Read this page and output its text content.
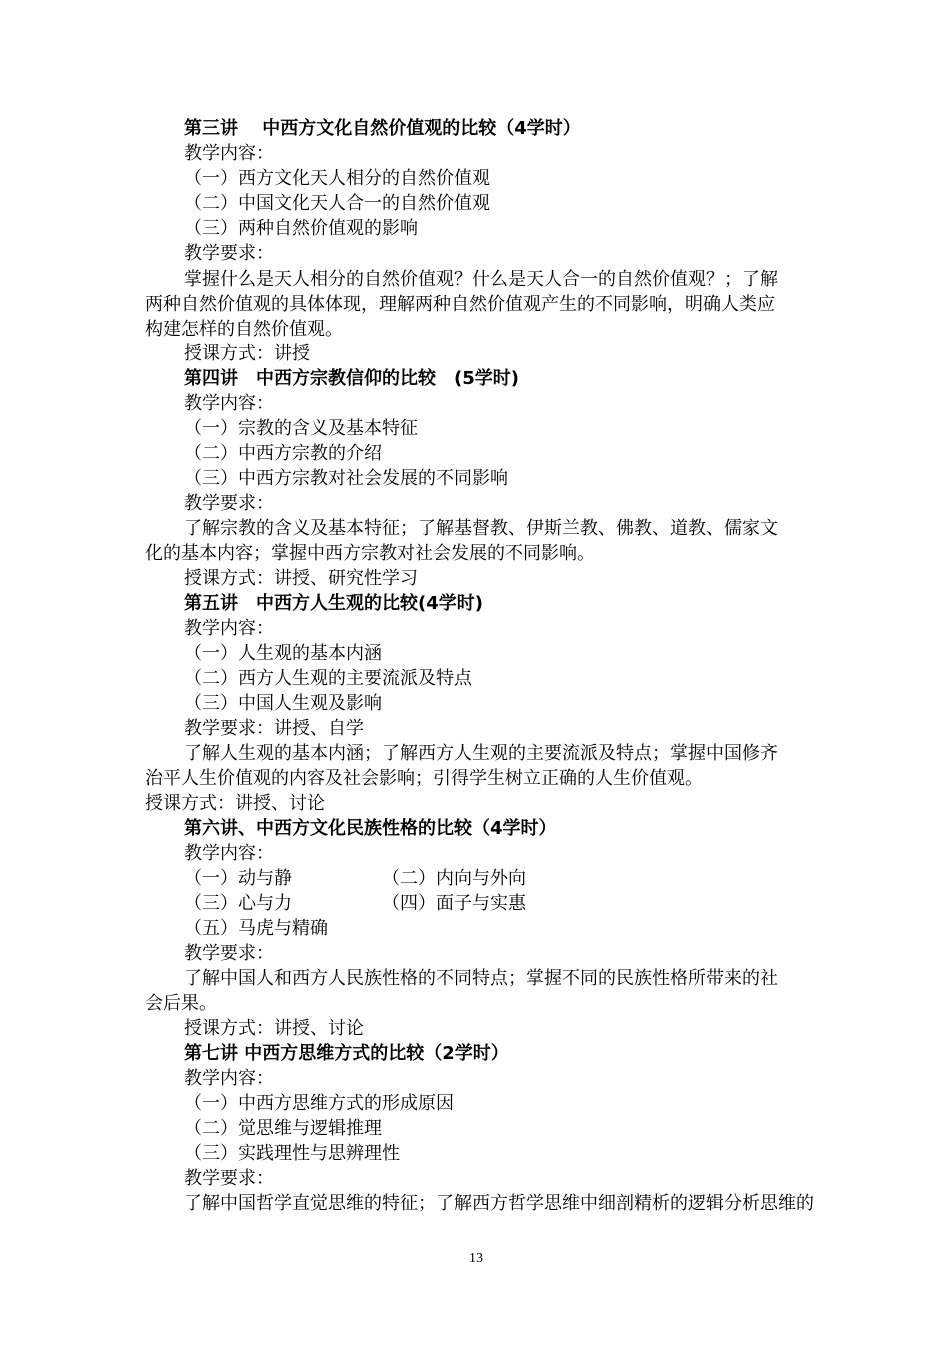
第三讲　 中西方文化自然价值观的比较（4学时）
教学内容：
（一）西方文化天人相分的自然价值观
（二）中国文化天人合一的自然价值观
（三）两种自然价值观的影响
教学要求：
掌握什么是天人相分的自然价值观？什么是天人合一的自然价值观？；了解
两种自然价值观的具体体现，理解两种自然价值观产生的不同影响，明确人类应
构建怎样的自然价值观。
授课方式：讲授
第四讲　中西方宗教信仰的比较　(5学时)
教学内容：
（一）宗教的含义及基本特征
（二）中西方宗教的介绍
（三）中西方宗教对社会发展的不同影响
教学要求：
了解宗教的含义及基本特征；了解基督教、伊斯兰教、佛教、道教、儒家文
化的基本内容；掌握中西方宗教对社会发展的不同影响。
授课方式：讲授、研究性学习
第五讲　中西方人生观的比较(4学时)
教学内容：
（一）人生观的基本内涵
（二）西方人生观的主要流派及特点
（三）中国人生观及影响
教学要求：讲授、自学
了解人生观的基本内涵；了解西方人生观的主要流派及特点；掌握中国修齐
治平人生价值观的内容及社会影响；引得学生树立正确的人生价值观。
授课方式：讲授、讨论
第六讲、中西方文化民族性格的比较（4学时）
教学内容：
（一）动与静	（二）内向与外向
（三）心与力	（四）面子与实惠
（五）马虎与精确
教学要求：
了解中国人和西方人民族性格的不同特点；掌握不同的民族性格所带来的社
会后果。
授课方式：讲授、讨论
第七讲 中西方思维方式的比较（2学时）
教学内容：
（一）中西方思维方式的形成原因
（二）觉思维与逻辑推理
（三）实践理性与思辨理性
教学要求：
了解中国哲学直觉思维的特征；了解西方哲学思维中细剖精析的逻辑分析思维的
13
